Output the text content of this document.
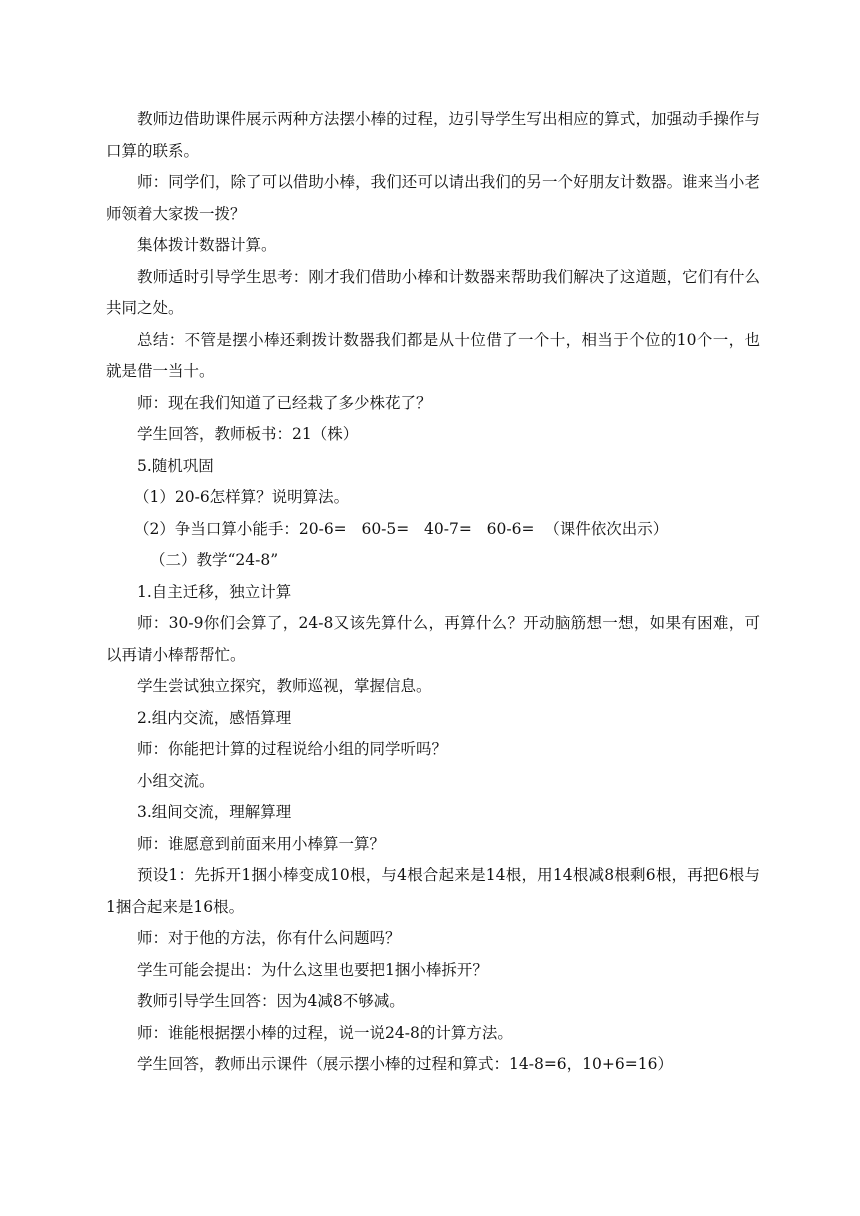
教师边借助课件展示两种方法摆小棒的过程，边引导学生写出相应的算式，加强动手操作与口算的联系。

师：同学们，除了可以借助小棒，我们还可以请出我们的另一个好朋友计数器。谁来当小老师领着大家拨一拨？

集体拨计数器计算。

教师适时引导学生思考：刚才我们借助小棒和计数器来帮助我们解决了这道题，它们有什么共同之处。

总结：不管是摆小棒还剩拨计数器我们都是从十位借了一个十，相当于个位的10个一，也就是借一当十。

师：现在我们知道了已经栽了多少株花了？

学生回答，教师板书：21（株）

5.随机巩固

（1）20-6怎样算？说明算法。

（2）争当口算小能手：20-6=   60-5=   40-7=   60-6=  （课件依次出示）

（二）教学“24-8”

1.自主迁移，独立计算

师：30-9你们会算了，24-8又该先算什么，再算什么？开动脑筋想一想，如果有困难，可以再请小棒帮帮忙。

学生尝试独立探究，教师巡视，掌握信息。

2.组内交流，感悟算理

师：你能把计算的过程说给小组的同学听吗？

小组交流。

3.组间交流，理解算理

师：谁愿意到前面来用小棒算一算？

预设1：先拆开1捆小棒变成10根，与4根合起来是14根，用14根减8根剩6根，再把6根与1捆合起来是16根。

师：对于他的方法，你有什么问题吗？

学生可能会提出：为什么这里也要把1捆小棒拆开？

教师引导学生回答：因为4减8不够减。

师：谁能根据摆小棒的过程，说一说24-8的计算方法。

学生回答，教师出示课件（展示摆小棒的过程和算式：14-8=6，10+6=16）
